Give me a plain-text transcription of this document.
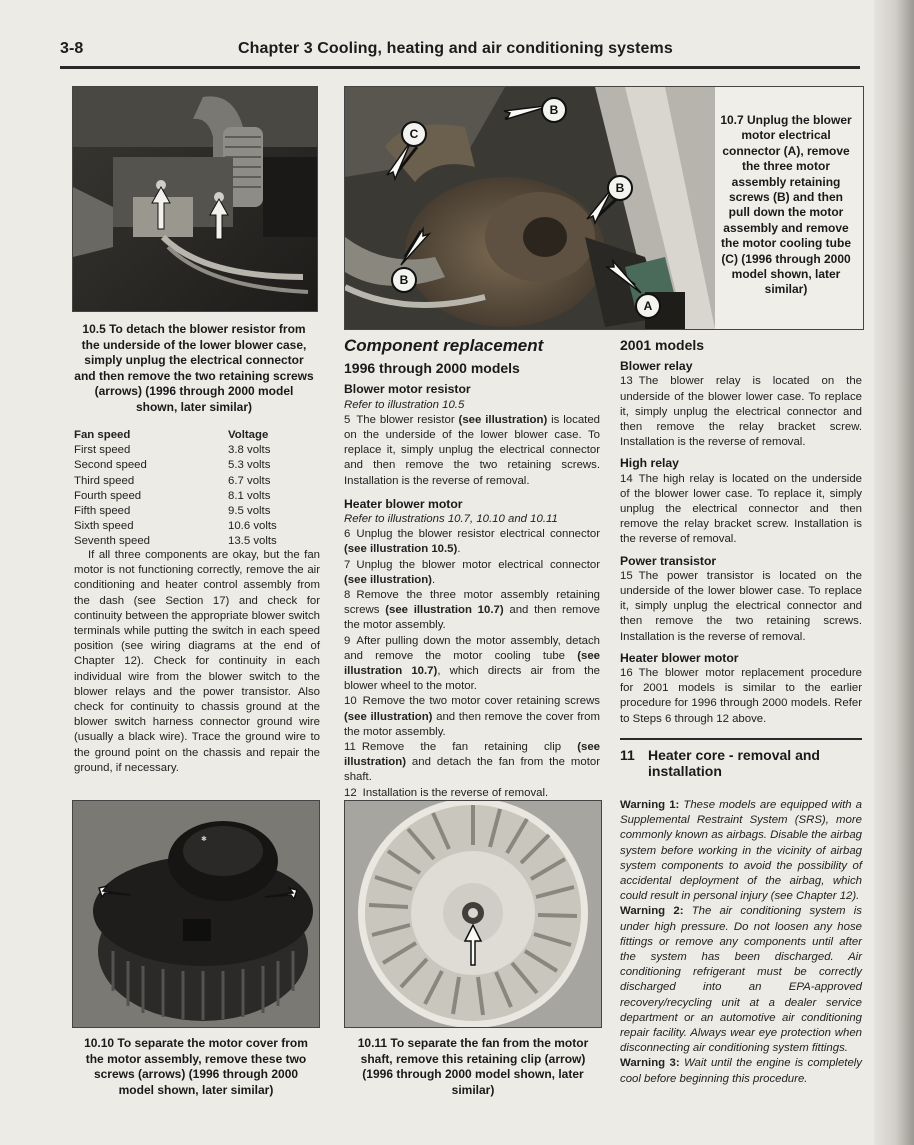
3-8	Chapter 3 Cooling, heating and air conditioning systems
B
C
B
B
A
10.7 Unplug the blower motor electrical connector (A), remove the three motor assembly retaining screws (B) and then pull down the motor assembly and remove the motor cooling tube (C) (1996 through 2000 model shown, later similar)
10.5 To detach the blower resistor from the underside of the lower blower case, simply unplug the electrical connector and then remove the two retaining screws (arrows) (1996 through 2000 model shown, later similar)
Fan speed	Voltage
First speed	3.8 volts
Second speed	5.3 volts
Third speed	6.7 volts
Fourth speed	8.1 volts
Fifth speed	9.5 volts
Sixth speed	10.6 volts
Seventh speed	13.5 volts

If all three components are okay, but the fan motor is not functioning correctly, remove the air conditioning and heater control assembly from the dash (see Section 17) and check for continuity between the appropriate blower switch terminals while putting the switch in each speed position (see wiring diagrams at the end of Chapter 12). Check for continuity in each individual wire from the blower switch to the blower relays and the power transistor. Also check for continuity to chassis ground at the blower switch harness connector ground wire (usually a black wire). Trace the ground wire to the ground point on the chassis and repair the ground, if necessary.

Component replacement
1996 through 2000 models
Blower motor resistor
Refer to illustration 10.5

5 The blower resistor (see illustration) is located on the underside of the lower blower case. To replace it, simply unplug the electrical connector and then remove the two retaining screws. Installation is the reverse of removal.

Heater blower motor
Refer to illustrations 10.7, 10.10 and 10.11

6 Unplug the blower resistor electrical connector (see illustration 10.5).

7 Unplug the blower motor electrical connector (see illustration).

8 Remove the three motor assembly retaining screws (see illustration 10.7) and then remove the motor assembly.

9 After pulling down the motor assembly, detach and remove the motor cooling tube (see illustration 10.7), which directs air from the blower wheel to the motor.

10 Remove the two motor cover retaining screws (see illustration) and then remove the cover from the motor assembly.

11 Remove the fan retaining clip (see illustration) and detach the fan from the motor shaft.

12 Installation is the reverse of removal.

2001 models
Blower relay

13 The blower relay is located on the underside of the blower lower case. To replace it, simply unplug the electrical connector and then remove the relay bracket screw. Installation is the reverse of removal.

High relay

14 The high relay is located on the underside of the blower lower case. To replace it, simply unplug the electrical connector and then remove the relay bracket screw. Installation is the reverse of removal.

Power transistor

15 The power transistor is located on the underside of the lower blower case. To replace it, simply unplug the electrical connector and then remove the two retaining screws. Installation is the reverse of removal.

Heater blower motor

16 The blower motor replacement procedure for 2001 models is similar to the earlier procedure for 1996 through 2000 models. Refer to Steps 6 through 12 above.

11 Heater core - removal and installation

Warning 1: These models are equipped with a Supplemental Restraint System (SRS), more commonly known as airbags. Disable the airbag system before working in the vicinity of airbag system components to avoid the possibility of accidental deployment of the airbag, which could result in personal injury (see Chapter 12).

Warning 2: The air conditioning system is under high pressure. Do not loosen any hose fittings or remove any components until after the system has been discharged. Air conditioning refrigerant must be correctly discharged into an EPA-approved recovery/recycling unit at a dealer service department or an automotive air conditioning repair facility. Always wear eye protection when disconnecting air conditioning system fittings.

Warning 3: Wait until the engine is completely cool before beginning this procedure.

✱
10.10 To separate the motor cover from the motor assembly, remove these two screws (arrows) (1996 through 2000 model shown, later similar)
10.11 To separate the fan from the motor shaft, remove this retaining clip (arrow) (1996 through 2000 model shown, later similar)
